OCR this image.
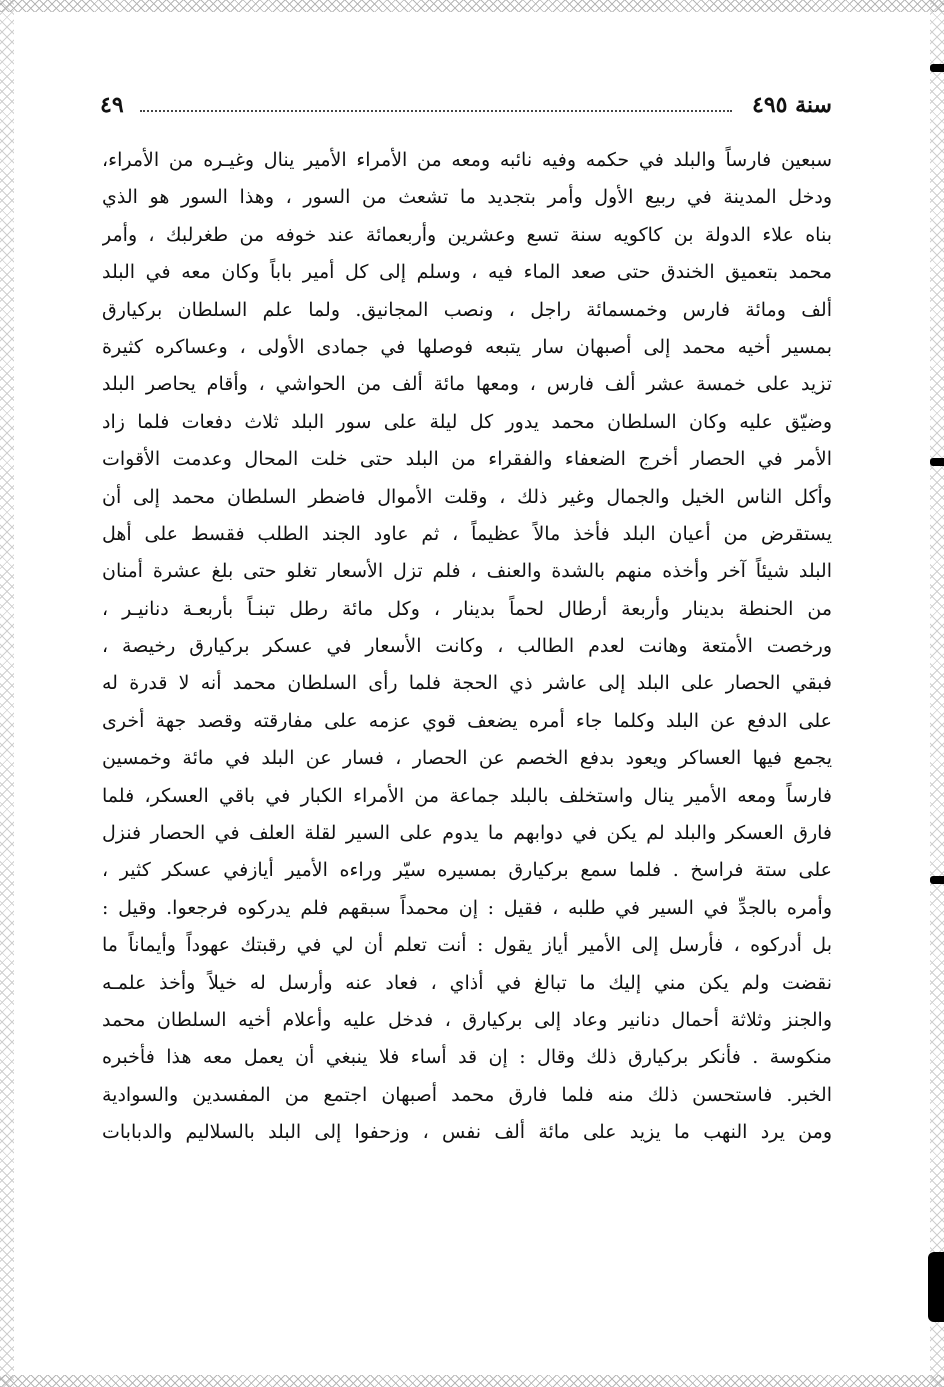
سنة ٤٩٥
٤٩
سبعين فارساً والبلد في حكمه وفيه نائبه ومعه من الأمراء الأمير ينال وغيـره من الأمراء،
ودخل المدينة في ربيع الأول وأمر بتجديد ما تشعث من السور ، وهذا السور هو الذي
بناه علاء الدولة بن كاكويه سنة تسع وعشرين وأربعمائة عند خوفه من طغرلبك ، وأمر
محمد بتعميق الخندق حتى صعد الماء فيه ، وسلم إلى كل أمير باباً وكان معه في البلد
ألف ومائة فارس وخمسمائة راجل ، ونصب المجانيق. ولما علم السلطان بركيارق
بمسير أخيه محمد إلى أصبهان سار يتبعه فوصلها في جمادى الأولى ، وعساكره كثيرة
تزيد على خمسة عشر ألف فارس ، ومعها مائة ألف من الحواشي ، وأقام يحاصر البلد
وضيّق عليه وكان السلطان محمد يدور كل ليلة على سور البلد ثلاث دفعات فلما زاد
الأمر في الحصار أخرج الضعفاء والفقراء من البلد حتى خلت المحال وعدمت الأقوات
وأكل الناس الخيل والجمال وغير ذلك ، وقلت الأموال فاضطر السلطان محمد إلى أن
يستقرض من أعيان البلد فأخذ مالاً عظيماً ، ثم عاود الجند الطلب فقسط على أهل
البلد شيئاً آخر وأخذه منهم بالشدة والعنف ، فلم تزل الأسعار تغلو حتى بلغ عشرة أمنان
من الحنطة بدينار وأربعة أرطال لحماً بدينار ، وكل مائة رطل تبنـاً بأربعـة دنانيـر ،
ورخصت الأمتعة وهانت لعدم الطالب ، وكانت الأسعار في عسكر بركيارق رخيصة ،
فبقي الحصار على البلد إلى عاشر ذي الحجة فلما رأى السلطان محمد أنه لا قدرة له
على الدفع عن البلد وكلما جاء أمره يضعف قوي عزمه على مفارقته وقصد جهة أخرى
يجمع فيها العساكر ويعود بدفع الخصم عن الحصار ، فسار عن البلد في مائة وخمسين
فارساً ومعه الأمير ينال واستخلف بالبلد جماعة من الأمراء الكبار في باقي العسكر، فلما
فارق العسكر والبلد لم يكن في دوابهم ما يدوم على السير لقلة العلف في الحصار فنزل
على ستة فراسخ . فلما سمع بركيارق بمسيره سيّر وراءه الأمير أيازفي عسكر كثير ،
وأمره بالجدِّ في السير في طلبه ، فقيل : إن محمداً سبقهم فلم يدركوه فرجعوا. وقيل :
بل أدركوه ، فأرسل إلى الأمير أياز يقول : أنت تعلم أن لي في رقبتك عهوداً وأيماناً ما
نقضت ولم يكن مني إليك ما تبالغ في أذاي ، فعاد عنه وأرسل له خيلاً وأخذ علمـه
والجنز وثلاثة أحمال دنانير وعاد إلى بركيارق ، فدخل عليه وأعلام أخيه السلطان محمد
منكوسة . فأنكر بركيارق ذلك وقال : إن قد أساء فلا ينبغي أن يعمل معه هذا فأخبره
الخبر. فاستحسن ذلك منه فلما فارق محمد أصبهان اجتمع من المفسدين والسوادية
ومن يرد النهب ما يزيد على مائة ألف نفس ، وزحفوا إلى البلد بالسلاليم والدبابات
